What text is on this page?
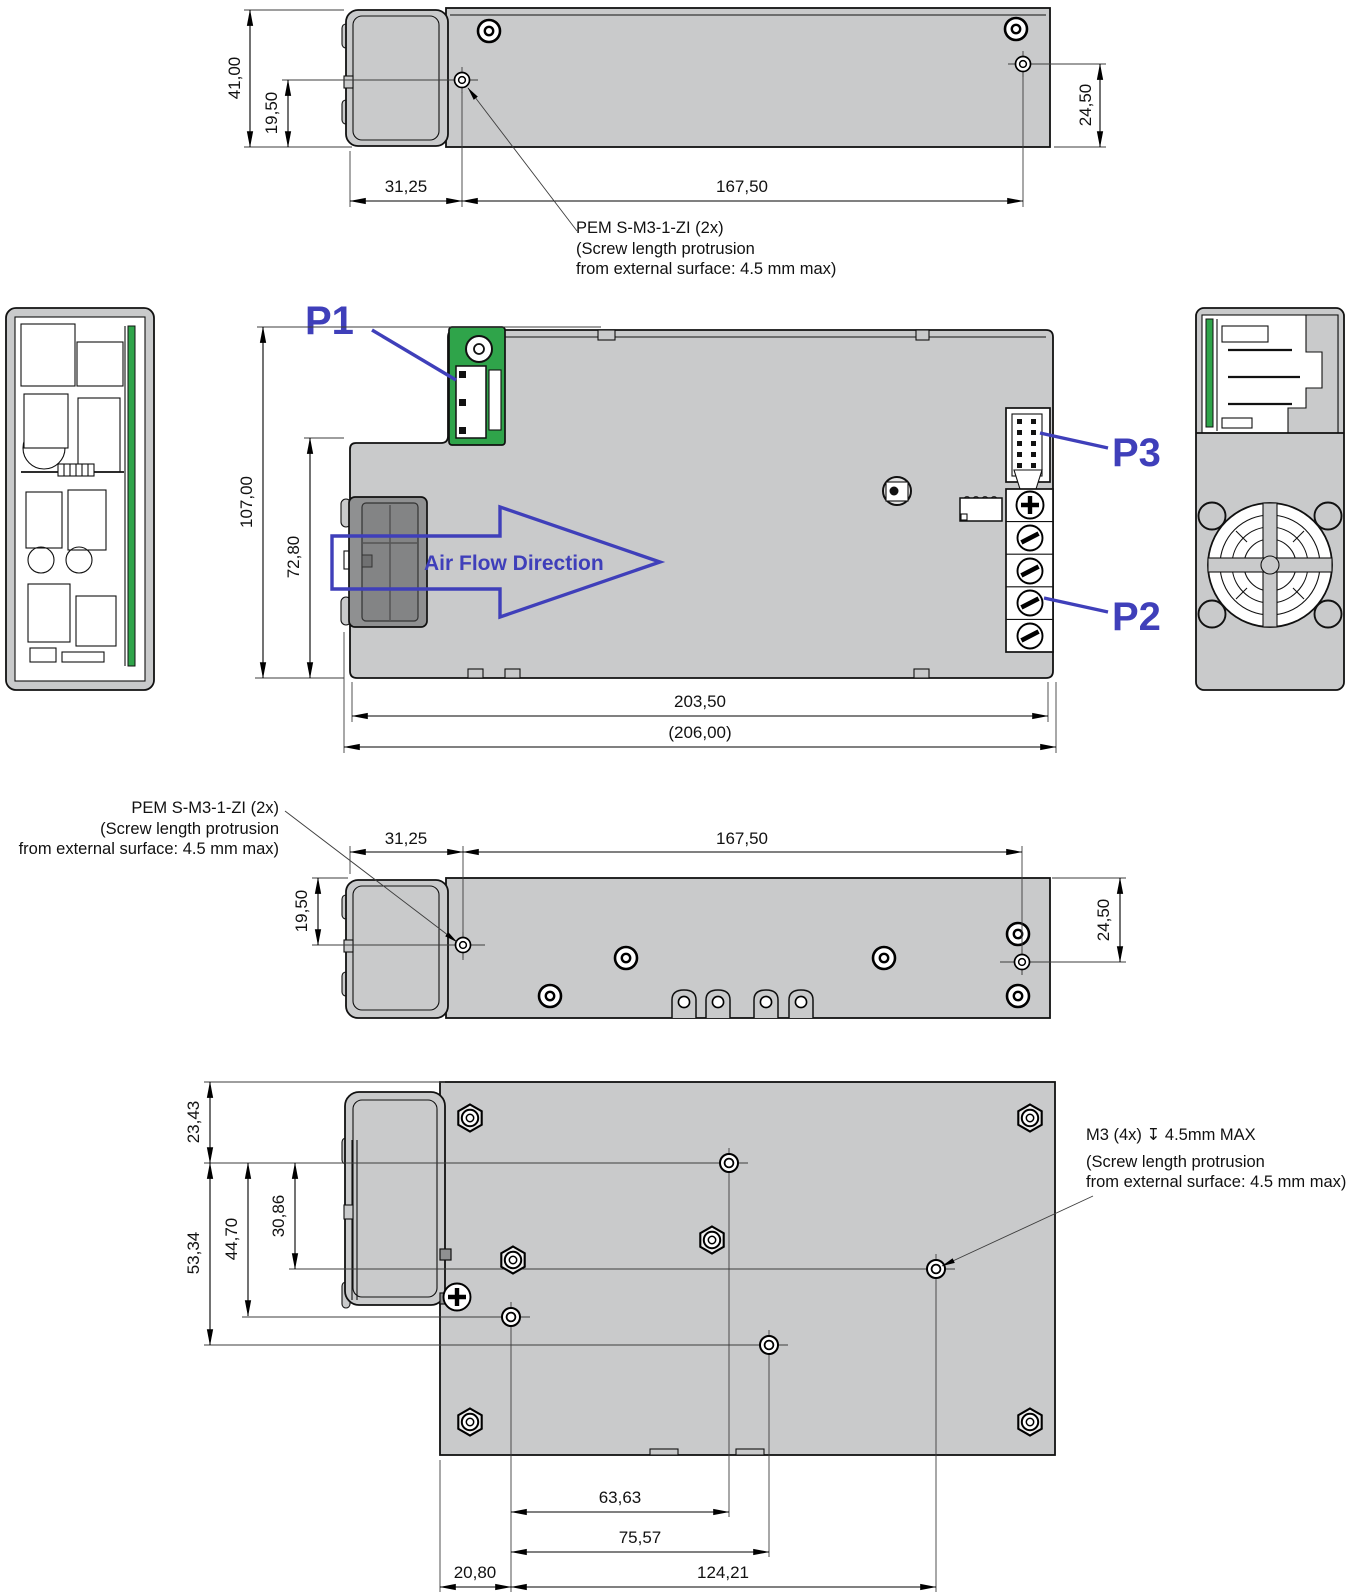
41,00
19,50
31,25	167,50
24,50
PEM S-M3-1-ZI (2x)
(Screw length protrusion
from external surface: 4.5 mm max)
Air Flow Direction
P1
P3
P2
107,00
72,80
203,50
(206,00)
31,25	167,50
19,50	24,50
PEM S-M3-1-ZI (2x)
(Screw length protrusion
from external surface: 4.5 mm max)
23,43
53,34 44,70
30,86
63,63
75,57
20,80	124,21
M3 (4x) ↧ 4.5mm MAX
(Screw length protrusion
from external surface: 4.5 mm max)
